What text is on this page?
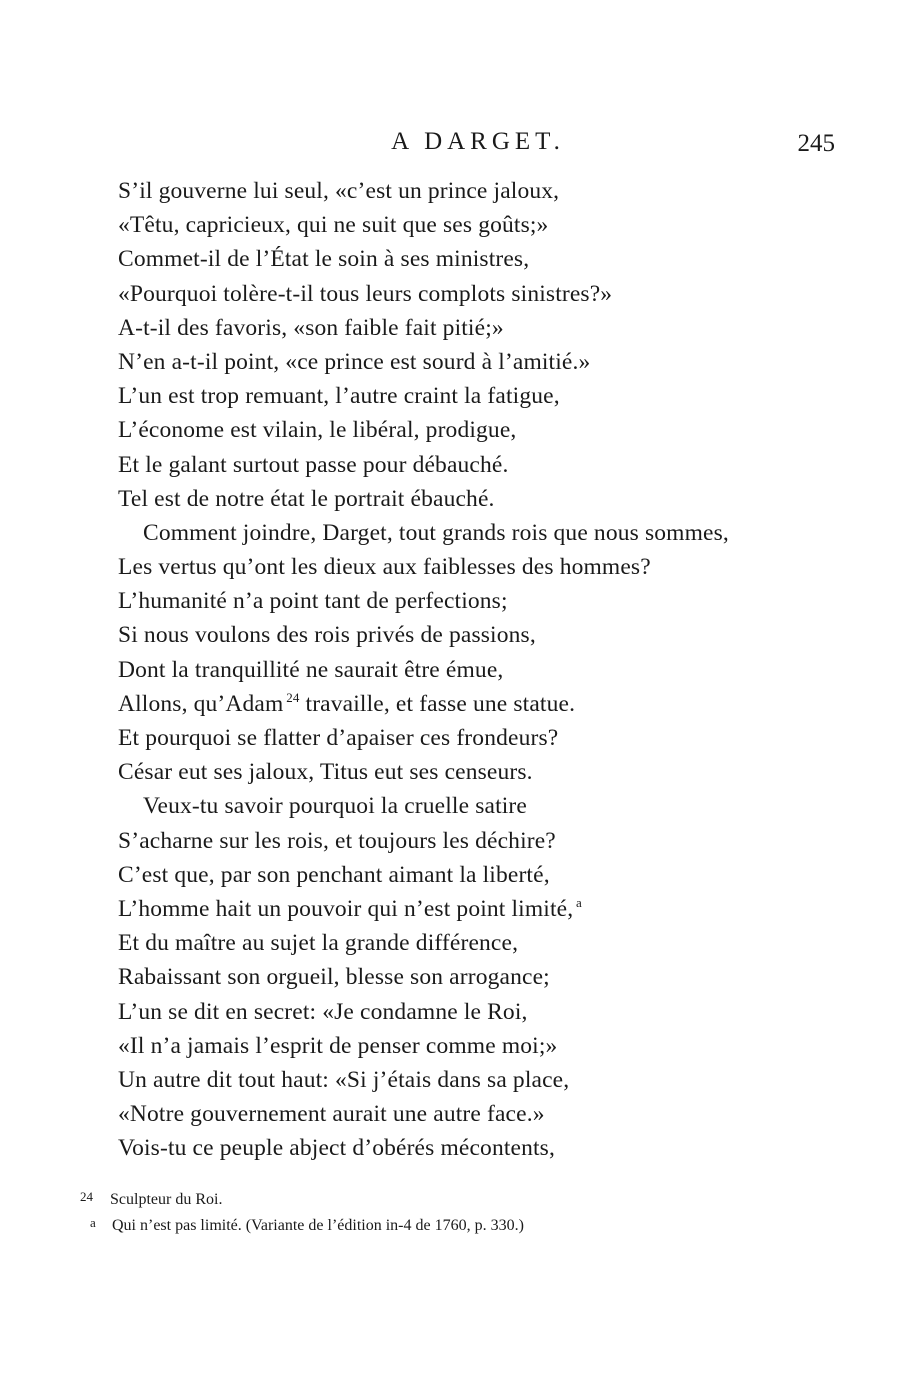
A DARGET.	245
S’il gouverne lui seul, «c’est un prince jaloux,
«Têtu, capricieux, qui ne suit que ses goûts;»
Commet-il de l’État le soin à ses ministres,
«Pourquoi tolère-t-il tous leurs complots sinistres?»
A-t-il des favoris, «son faible fait pitié;»
N’en a-t-il point, «ce prince est sourd à l’amitié.»
L’un est trop remuant, l’autre craint la fatigue,
L’économe est vilain, le libéral, prodigue,
Et le galant surtout passe pour débauché.
Tel est de notre état le portrait ébauché.
Comment joindre, Darget, tout grands rois que nous sommes,
Les vertus qu’ont les dieux aux faiblesses des hommes?
L’humanité n’a point tant de perfections;
Si nous voulons des rois privés de passions,
Dont la tranquillité ne saurait être émue,
Allons, qu’Adam $^{24}$ travaille, et fasse une statue.
Et pourquoi se flatter d’apaiser ces frondeurs?
César eut ses jaloux, Titus eut ses censeurs.
Veux-tu savoir pourquoi la cruelle satire
S’acharne sur les rois, et toujours les déchire?
C’est que, par son penchant aimant la liberté,
L’homme hait un pouvoir qui n’est point limité, $^a$
Et du maître au sujet la grande différence,
Rabaissant son orgueil, blesse son arrogance;
L’un se dit en secret: «Je condamne le Roi,
«Il n’a jamais l’esprit de penser comme moi;»
Un autre dit tout haut: «Si j’étais dans sa place,
«Notre gouvernement aurait une autre face.»
Vois-tu ce peuple abject d’obérés mécontents,
24 Sculpteur du Roi.
a Qui n’est pas limité. (Variante de l’édition in-4 de 1760, p. 330.)
